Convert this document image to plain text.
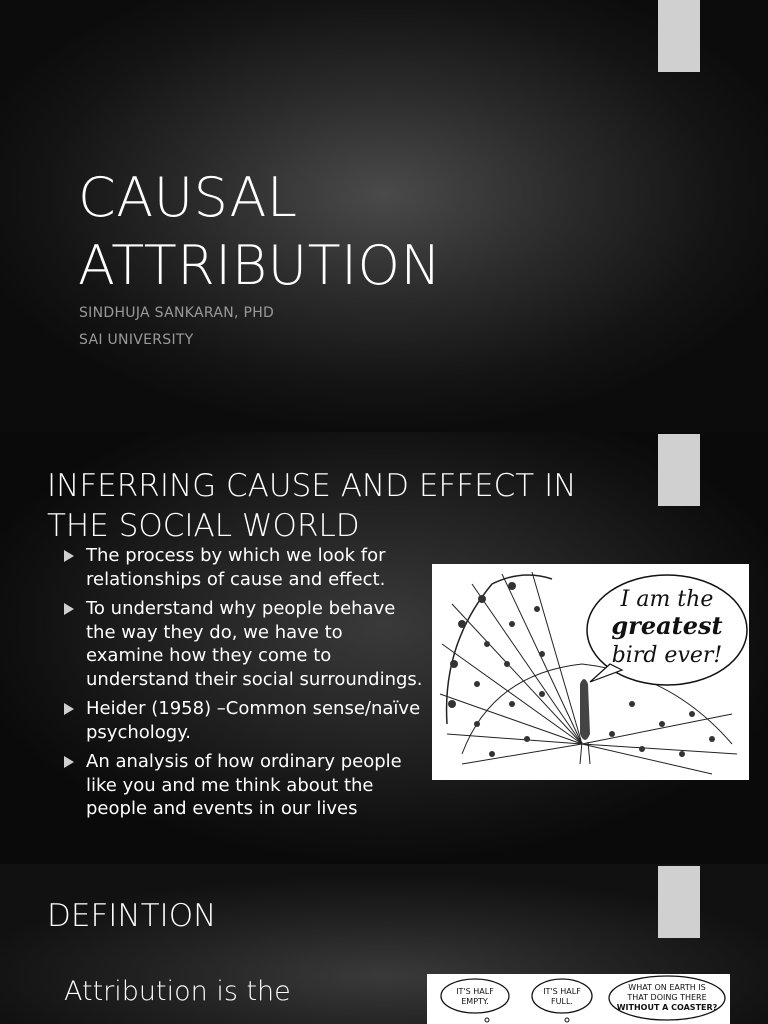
CAUSAL
ATTRIBUTION
SINDHUJA SANKARAN, PHD
SAI UNIVERSITY
INFERRING CAUSE AND EFFECT IN
THE SOCIAL WORLD
The process by which we look for relationships of cause and effect.
To understand why people behave the way they do, we have to examine how they come to understand their social surroundings.
Heider (1958) –Common sense/naïve psychology.
An analysis of how ordinary people like you and me think about the people and events in our lives
I am the
greatest
bird ever!
DEFINTION
Attribution is the	IT'S HALF
EMPTY.
IT'S HALF
FULL.
WHAT ON EARTH IS
THAT DOING THERE
WITHOUT A COASTER?
